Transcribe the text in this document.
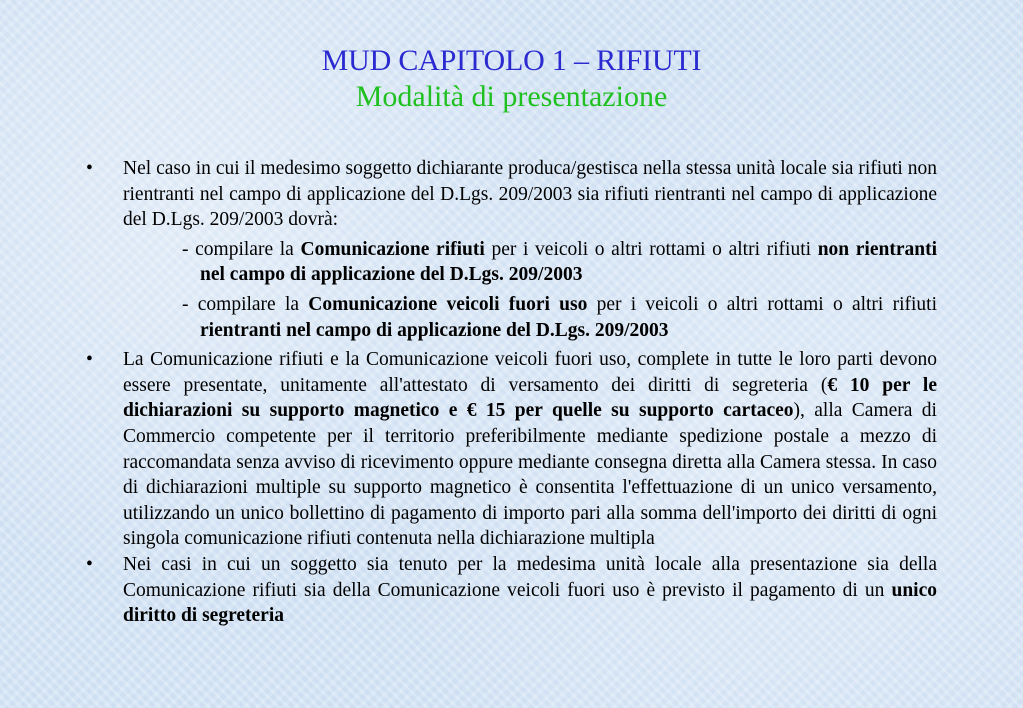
MUD CAPITOLO 1 – RIFIUTI
Modalità di presentazione
• Nel caso in cui il medesimo soggetto dichiarante produca/gestisca nella stessa unità locale sia rifiuti non rientranti nel campo di applicazione del D.Lgs. 209/2003 sia rifiuti rientranti nel campo di applicazione del D.Lgs. 209/2003 dovrà:
- compilare la Comunicazione rifiuti per i veicoli o altri rottami o altri rifiuti non rientranti nel campo di applicazione del D.Lgs. 209/2003
- compilare la Comunicazione veicoli fuori uso per i veicoli o altri rottami o altri rifiuti rientranti nel campo di applicazione del D.Lgs. 209/2003
• La Comunicazione rifiuti e la Comunicazione veicoli fuori uso, complete in tutte le loro parti devono essere presentate, unitamente all'attestato di versamento dei diritti di segreteria (€ 10 per le dichiarazioni su supporto magnetico e € 15 per quelle su supporto cartaceo), alla Camera di Commercio competente per il territorio preferibilmente mediante spedizione postale a mezzo di raccomandata senza avviso di ricevimento oppure mediante consegna diretta alla Camera stessa. In caso di dichiarazioni multiple su supporto magnetico è consentita l'effettuazione di un unico versamento, utilizzando un unico bollettino di pagamento di importo pari alla somma dell'importo dei diritti di ogni singola comunicazione rifiuti contenuta nella dichiarazione multipla
• Nei casi in cui un soggetto sia tenuto per la medesima unità locale alla presentazione sia della Comunicazione rifiuti sia della Comunicazione veicoli fuori uso è previsto il pagamento di un unico diritto di segreteria
